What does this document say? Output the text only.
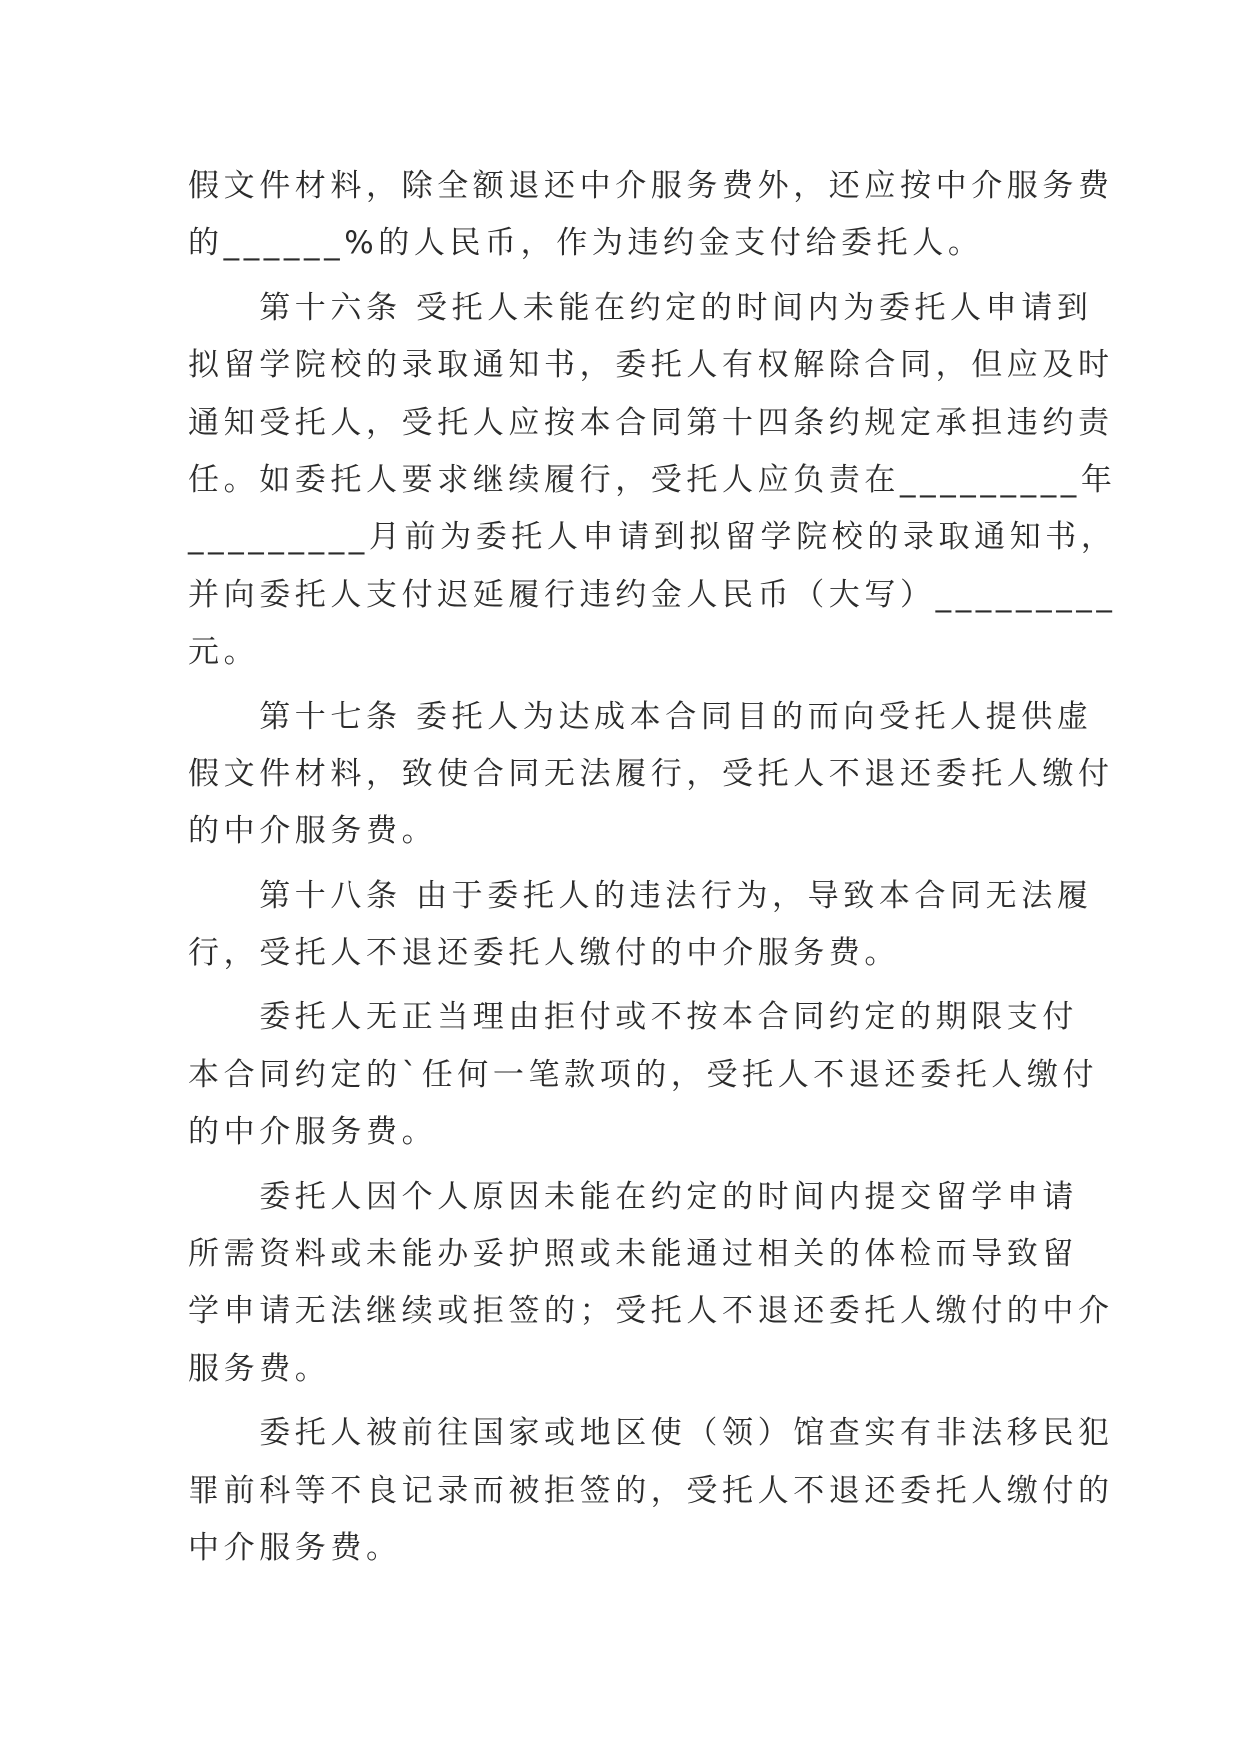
假文件材料，除全额退还中介服务费外，还应按中介服务费
的______%的人民币，作为违约金支付给委托人。
　　第十六条 受托人未能在约定的时间内为委托人申请到
拟留学院校的录取通知书，委托人有权解除合同，但应及时
通知受托人，受托人应按本合同第十四条约规定承担违约责
任。如委托人要求继续履行，受托人应负责在_________年
_________月前为委托人申请到拟留学院校的录取通知书，
并向委托人支付迟延履行违约金人民币（大写）_________
元。
　　第十七条 委托人为达成本合同目的而向受托人提供虚
假文件材料，致使合同无法履行，受托人不退还委托人缴付
的中介服务费。
　　第十八条 由于委托人的违法行为，导致本合同无法履
行，受托人不退还委托人缴付的中介服务费。
　　委托人无正当理由拒付或不按本合同约定的期限支付
本合同约定的`任何一笔款项的，受托人不退还委托人缴付
的中介服务费。
　　委托人因个人原因未能在约定的时间内提交留学申请
所需资料或未能办妥护照或未能通过相关的体检而导致留
学申请无法继续或拒签的；受托人不退还委托人缴付的中介
服务费。
　　委托人被前往国家或地区使（领）馆查实有非法移民犯
罪前科等不良记录而被拒签的，受托人不退还委托人缴付的
中介服务费。
